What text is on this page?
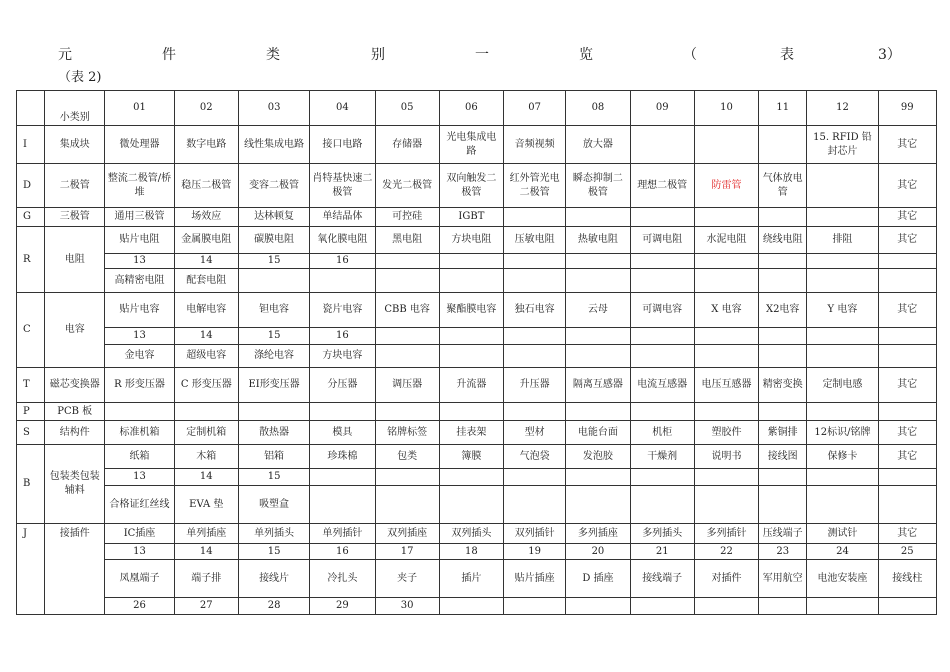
元	件	类	别	一	览	（	表	3）
（表 2)
	小类别	01	02	03	04	05	06	07	08	09	10	11	12	99
I	集成块	微处理器	数字电路	线性集成电路	接口电路	存储器	光电集成电路	音频视频	放大器				15. RFID 铅封芯片	其它
D	二极管	整流二极管/桥堆	稳压二极管	变容二极管	肖特基快速二极管	发光二极管	双向触发二极管	红外管光电二极管	瞬态抑制二极管	理想二极管	防雷管	气体放电管		其它
G	三极管	通用三极管	场效应	达林顿复	单结晶体	可控硅	IGBT							其它
R	电阻	贴片电阻	金属膜电阻	碳膜电阻	氧化膜电阻	黑电阻	方块电阻	压敏电阻	热敏电阻	可调电阻	水泥电阻	绕线电阻	排阻	其它
		13	14	15	16									
		高精密电阻	配套电阻											
C	电容	贴片电容	电解电容	钽电容	瓷片电容	CBB 电容	聚酯膜电容	独石电容	云母	可调电容	X 电容	X2电容	Y 电容	其它
		13	14	15	16									
		金电容	超级电容	涤纶电容	方块电容									
T	磁芯变换器	R 形变压器	C 形变压器	EI形变压器	分压器	调压器	升流器	升压器	隔离互感器	电流互感器	电压互感器	精密变换	定制电感	其它
P	PCB 板													
S	结构件	标准机箱	定制机箱	散热器	模具	铭牌标签	挂表架	型材	电能台面	机柜	塑胶件	紫铜排	12标识/铭牌	其它
B	包装类包装辅料	纸箱	木箱	铝箱	珍珠棉	包类	簿膜	气泡袋	发泡胶	干燥剂	说明书	接线图	保修卡	其它
		13	14	15										
		合格证红丝线	EVA 垫	吸塑盒										
J	接插件	IC插座	单列插座	单列插头	单列插针	双列插座	双列插头	双列插针	多列插座	多列插头	多列插针	压线端子	测试针	其它
		13	14	15	16	17	18	19	20	21	22	23	24	25
		凤凰端子	端子排	接线片	冷扎头	夹子	插片	贴片插座	D 插座	接线端子	对插件	军用航空	电池安装座	接线柱
		26	27	28	29	30								
